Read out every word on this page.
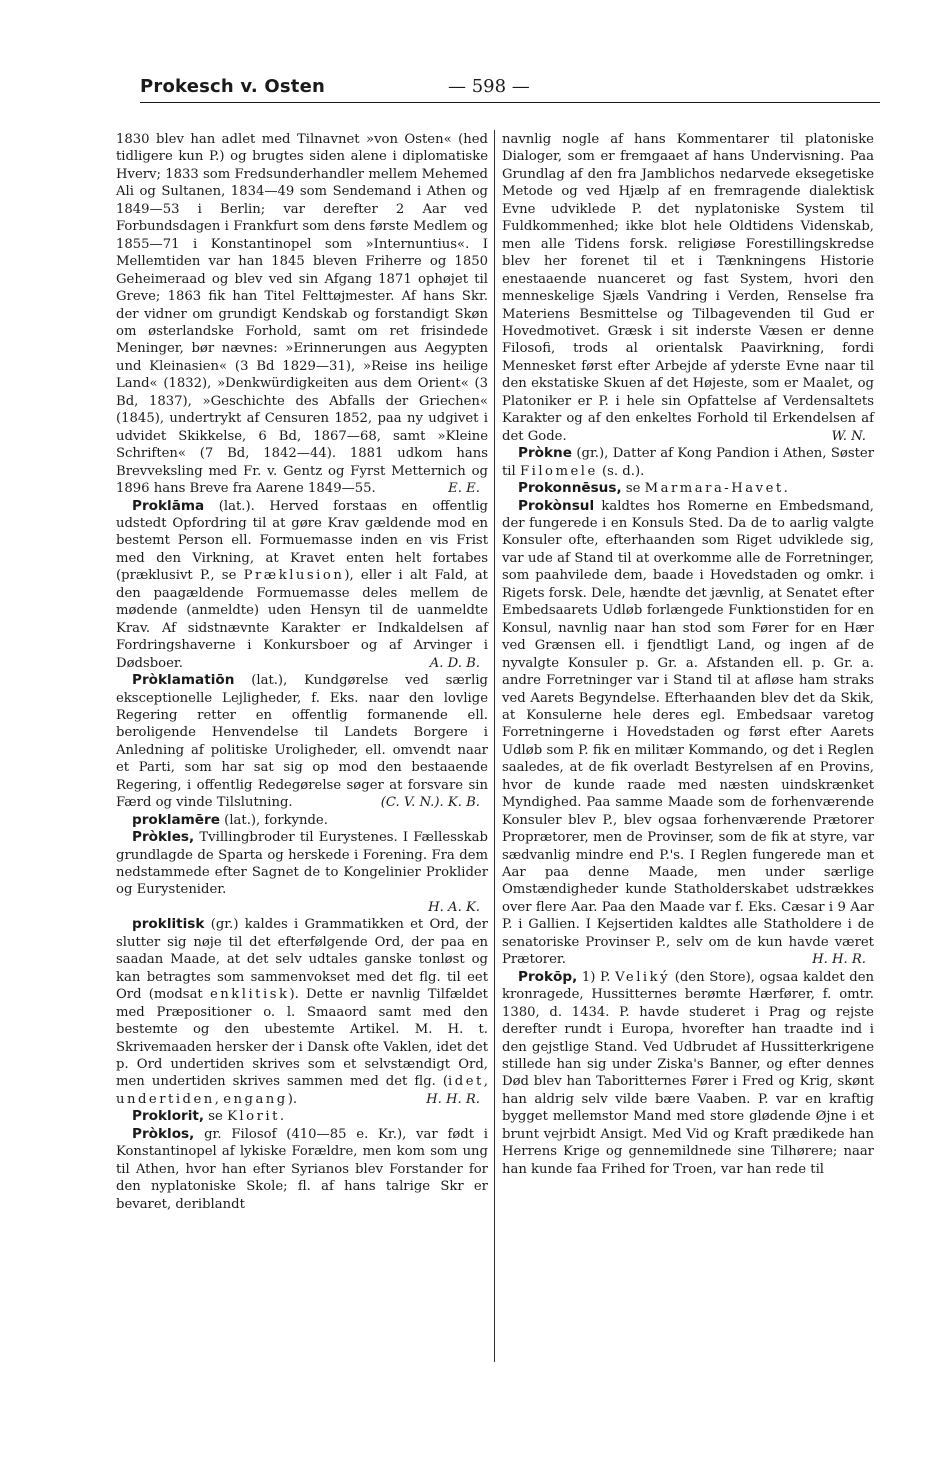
Prokesch v. Osten	— 598 —

1830 blev han adlet med Tilnavnet »von Osten« (hed tidligere kun P.) og brugtes siden alene i diplomatiske Hverv; 1833 som Fredsunderhandler mellem Mehemed Ali og Sultanen, 1834—49 som Sendemand i Athen og 1849—53 i Berlin; var derefter 2 Aar ved Forbundsdagen i Frankfurt som dens første Medlem og 1855—71 i Konstantinopel som »Internuntius«. I Mellemtiden var han 1845 bleven Friherre og 1850 Geheimeraad og blev ved sin Afgang 1871 ophøjet til Greve; 1863 fik han Titel Felttøjmester. Af hans Skr. der vidner om grundigt Kendskab og forstandigt Skøn om østerlandske Forhold, samt om ret frisindede Meninger, bør nævnes: »Erinnerungen aus Aegypten und Kleinasien« (3 Bd 1829—31), »Reise ins heilige Land« (1832), »Denkwürdigkeiten aus dem Orient« (3 Bd, 1837), »Geschichte des Abfalls der Griechen« (1845), undertrykt af Censuren 1852, paa ny udgivet i udvidet Skikkelse, 6 Bd, 1867—68, samt »Kleine Schriften« (7 Bd, 1842—44). 1881 udkom hans Brevveksling med Fr. v. Gentz og Fyrst Metternich og 1896 hans Breve fra Aarene 1849—55.	E. E.

Proklāma (lat.). Herved forstaas en offentlig udstedt Opfordring til at gøre Krav gældende mod en bestemt Person ell. Formuemasse inden en vis Frist med den Virkning, at Kravet enten helt fortabes (præklusivt P., se Præklusion), eller i alt Fald, at den paagældende Formuemasse deles mellem de mødende (anmeldte) uden Hensyn til de uanmeldte Krav. Af sidstnævnte Karakter er Indkaldelsen af Fordringshaverne i Konkursboer og af Arvinger i Dødsboer.	A. D. B.

Pròklamatiōn (lat.), Kundgørelse ved særlig eksceptionelle Lejligheder, f. Eks. naar den lovlige Regering retter en offentlig formanende ell. beroligende Henvendelse til Landets Borgere i Anledning af politiske Uroligheder, ell. omvendt naar et Parti, som har sat sig op mod den bestaaende Regering, i offentlig Redegørelse søger at forsvare sin Færd og vinde Tilslutning.	(C. V. N.). K. B.

proklamēre (lat.), forkynde.

Pròkles, Tvillingbroder til Eurystenes. I Fællesskab grundlagde de Sparta og herskede i Forening. Fra dem nedstammede efter Sagnet de to Kongelinier Proklider og Eurystenider.
H. A. K.

proklitisk (gr.) kaldes i Grammatikken et Ord, der slutter sig nøje til det efterfølgende Ord, der paa en saadan Maade, at det selv udtales ganske tonløst og kan betragtes som sammenvokset med det flg. til eet Ord (modsat enklitisk). Dette er navnlig Tilfældet med Præpositioner o. l. Smaaord samt med den bestemte og den ubestemte Artikel. M. H. t. Skrivemaaden hersker der i Dansk ofte Vaklen, idet det p. Ord undertiden skrives som et selvstændigt Ord, men undertiden skrives sammen med det flg. (idet, undertiden, engang).	H. H. R.

Proklorit, se Klorit.

Pròklos, gr. Filosof (410—85 e. Kr.), var født i Konstantinopel af lykiske Forældre, men kom som ung til Athen, hvor han efter Syrianos blev Forstander for den nyplatoniske Skole; fl. af hans talrige Skr er bevaret, deriblandt

navnlig nogle af hans Kommentarer til platoniske Dialoger, som er fremgaaet af hans Undervisning. Paa Grundlag af den fra Jamblichos nedarvede eksegetiske Metode og ved Hjælp af en fremragende dialektisk Evne udviklede P. det nyplatoniske System til Fuldkommenhed; ikke blot hele Oldtidens Videnskab, men alle Tidens forsk. religiøse Forestillingskredse blev her forenet til et i Tænkningens Historie enestaaende nuanceret og fast System, hvori den menneskelige Sjæls Vandring i Verden, Renselse fra Materiens Besmittelse og Tilbagevenden til Gud er Hovedmotivet. Græsk i sit inderste Væsen er denne Filosofi, trods al orientalsk Paavirkning, fordi Mennesket først efter Arbejde af yderste Evne naar til den ekstatiske Skuen af det Højeste, som er Maalet, og Platoniker er P. i hele sin Opfattelse af Verdensaltets Karakter og af den enkeltes Forhold til Erkendelsen af det Gode.	W. N.

Pròkne (gr.), Datter af Kong Pandion i Athen, Søster til Filomele (s. d.).

Prokonnēsus, se Marmara-Havet.

Prokònsul kaldtes hos Romerne en Embedsmand, der fungerede i en Konsuls Sted. Da de to aarlig valgte Konsuler ofte, efterhaanden som Riget udviklede sig, var ude af Stand til at overkomme alle de Forretninger, som paahvilede dem, baade i Hovedstaden og omkr. i Rigets forsk. Dele, hændte det jævnlig, at Senatet efter Embedsaarets Udløb forlængede Funktionstiden for en Konsul, navnlig naar han stod som Fører for en Hær ved Grænsen ell. i fjendtligt Land, og ingen af de nyvalgte Konsuler p. Gr. a. Afstanden ell. p. Gr. a. andre Forretninger var i Stand til at afløse ham straks ved Aarets Begyndelse. Efterhaanden blev det da Skik, at Konsulerne hele deres egl. Embedsaar varetog Forretningerne i Hovedstaden og først efter Aarets Udløb som P. fik en militær Kommando, og det i Reglen saaledes, at de fik overladt Bestyrelsen af en Provins, hvor de kunde raade med næsten uindskrænket Myndighed. Paa samme Maade som de forhenværende Konsuler blev P., blev ogsaa forhenværende Prætorer Proprætorer, men de Provinser, som de fik at styre, var sædvanlig mindre end P.'s. I Reglen fungerede man et Aar paa denne Maade, men under særlige Omstændigheder kunde Statholderskabet udstrækkes over flere Aar. Paa den Maade var f. Eks. Cæsar i 9 Aar P. i Gallien. I Kejsertiden kaldtes alle Statholdere i de senatoriske Provinser P., selv om de kun havde været Prætorer.	H. H. R.

Prokōp, 1) P. Veliký (den Store), ogsaa kaldet den kronragede, Hussitternes berømte Hærfører, f. omtr. 1380, d. 1434. P. havde studeret i Prag og rejste derefter rundt i Europa, hvorefter han traadte ind i den gejstlige Stand. Ved Udbrudet af Hussitterkrigene stillede han sig under Ziska's Banner, og efter dennes Død blev han Taboritternes Fører i Fred og Krig, skønt han aldrig selv vilde bære Vaaben. P. var en kraftig bygget mellemstor Mand med store glødende Øjne i et brunt vejrbidt Ansigt. Med Vid og Kraft prædikede han Herrens Krige og gennemildnede sine Tilhørere; naar han kunde faa Frihed for Troen, var han rede til
